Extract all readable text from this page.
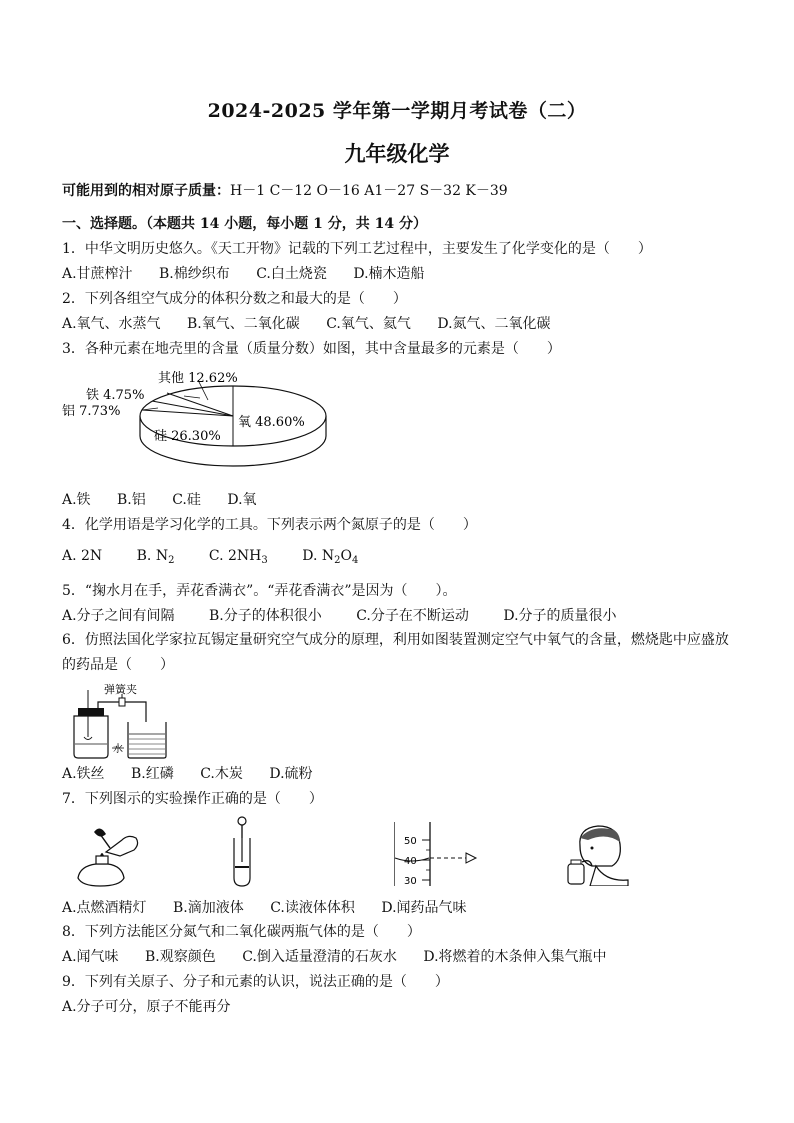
2024-2025 学年第一学期月考试卷（二）
九年级化学
可能用到的相对原子质量：H－1 C－12 O－16 A1－27 S－32 K－39
一、选择题。（本题共 14 小题，每小题 1 分，共 14 分）
1．中华文明历史悠久。《天工开物》记载的下列工艺过程中，主要发生了化学变化的是（　　）
A.甘蔗榨汁 B.棉纱织布 C.白土烧瓷 D.楠木造船
2．下列各组空气成分的体积分数之和最大的是（　　）
A.氧气、水蒸气 B.氧气、二氧化碳 C.氧气、氦气 D.氮气、二氧化碳
3．各种元素在地壳里的含量（质量分数）如图，其中含量最多的元素是（　　）
其他 12.62%
铁 4.75%
铝 7.73%
硅 26.30%
氧 48.60%
A.铁 B.铝 C.硅 D.氧
4．化学用语是学习化学的工具。下列表示两个氮原子的是（　　）
A. 2N B. $N_2$ C. $2NH_3$ D. $N_2O_4$
5．“掬水月在手，弄花香满衣”。“弄花香满衣”是因为（　　）。
A.分子之间有间隔 B.分子的体积很小 C.分子在不断运动 D.分子的质量很小
6．仿照法国化学家拉瓦锡定量研究空气成分的原理，利用如图装置测定空气中氧气的含量，燃烧匙中应盛放
的药品是（　　）
弹簧夹
水
A.铁丝 B.红磷 C.木炭 D.硫粉
7．下列图示的实验操作正确的是（　　）
50
40
30
A.点燃酒精灯 B.滴加液体 C.读液体体积 D.闻药品气味
8．下列方法能区分氮气和二氧化碳两瓶气体的是（　　）
A.闻气味 B.观察颜色 C.倒入适量澄清的石灰水 D.将燃着的木条伸入集气瓶中
9．下列有关原子、分子和元素的认识，说法正确的是（　　）
A.分子可分，原子不能再分
